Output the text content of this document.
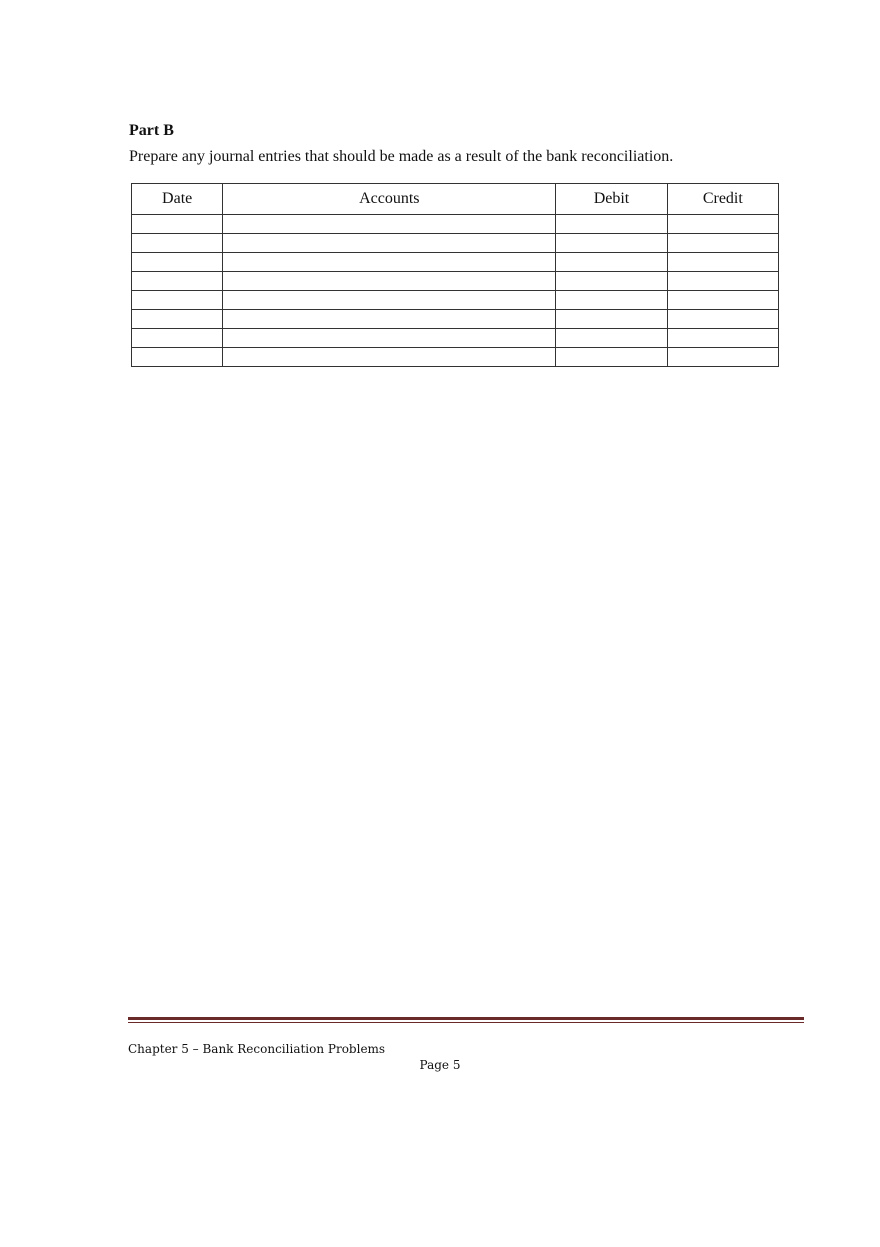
Part B
Prepare any journal entries that should be made as a result of the bank reconciliation.
Date	Accounts	Debit	Credit

Chapter 5 – Bank Reconciliation Problems
Page 5
